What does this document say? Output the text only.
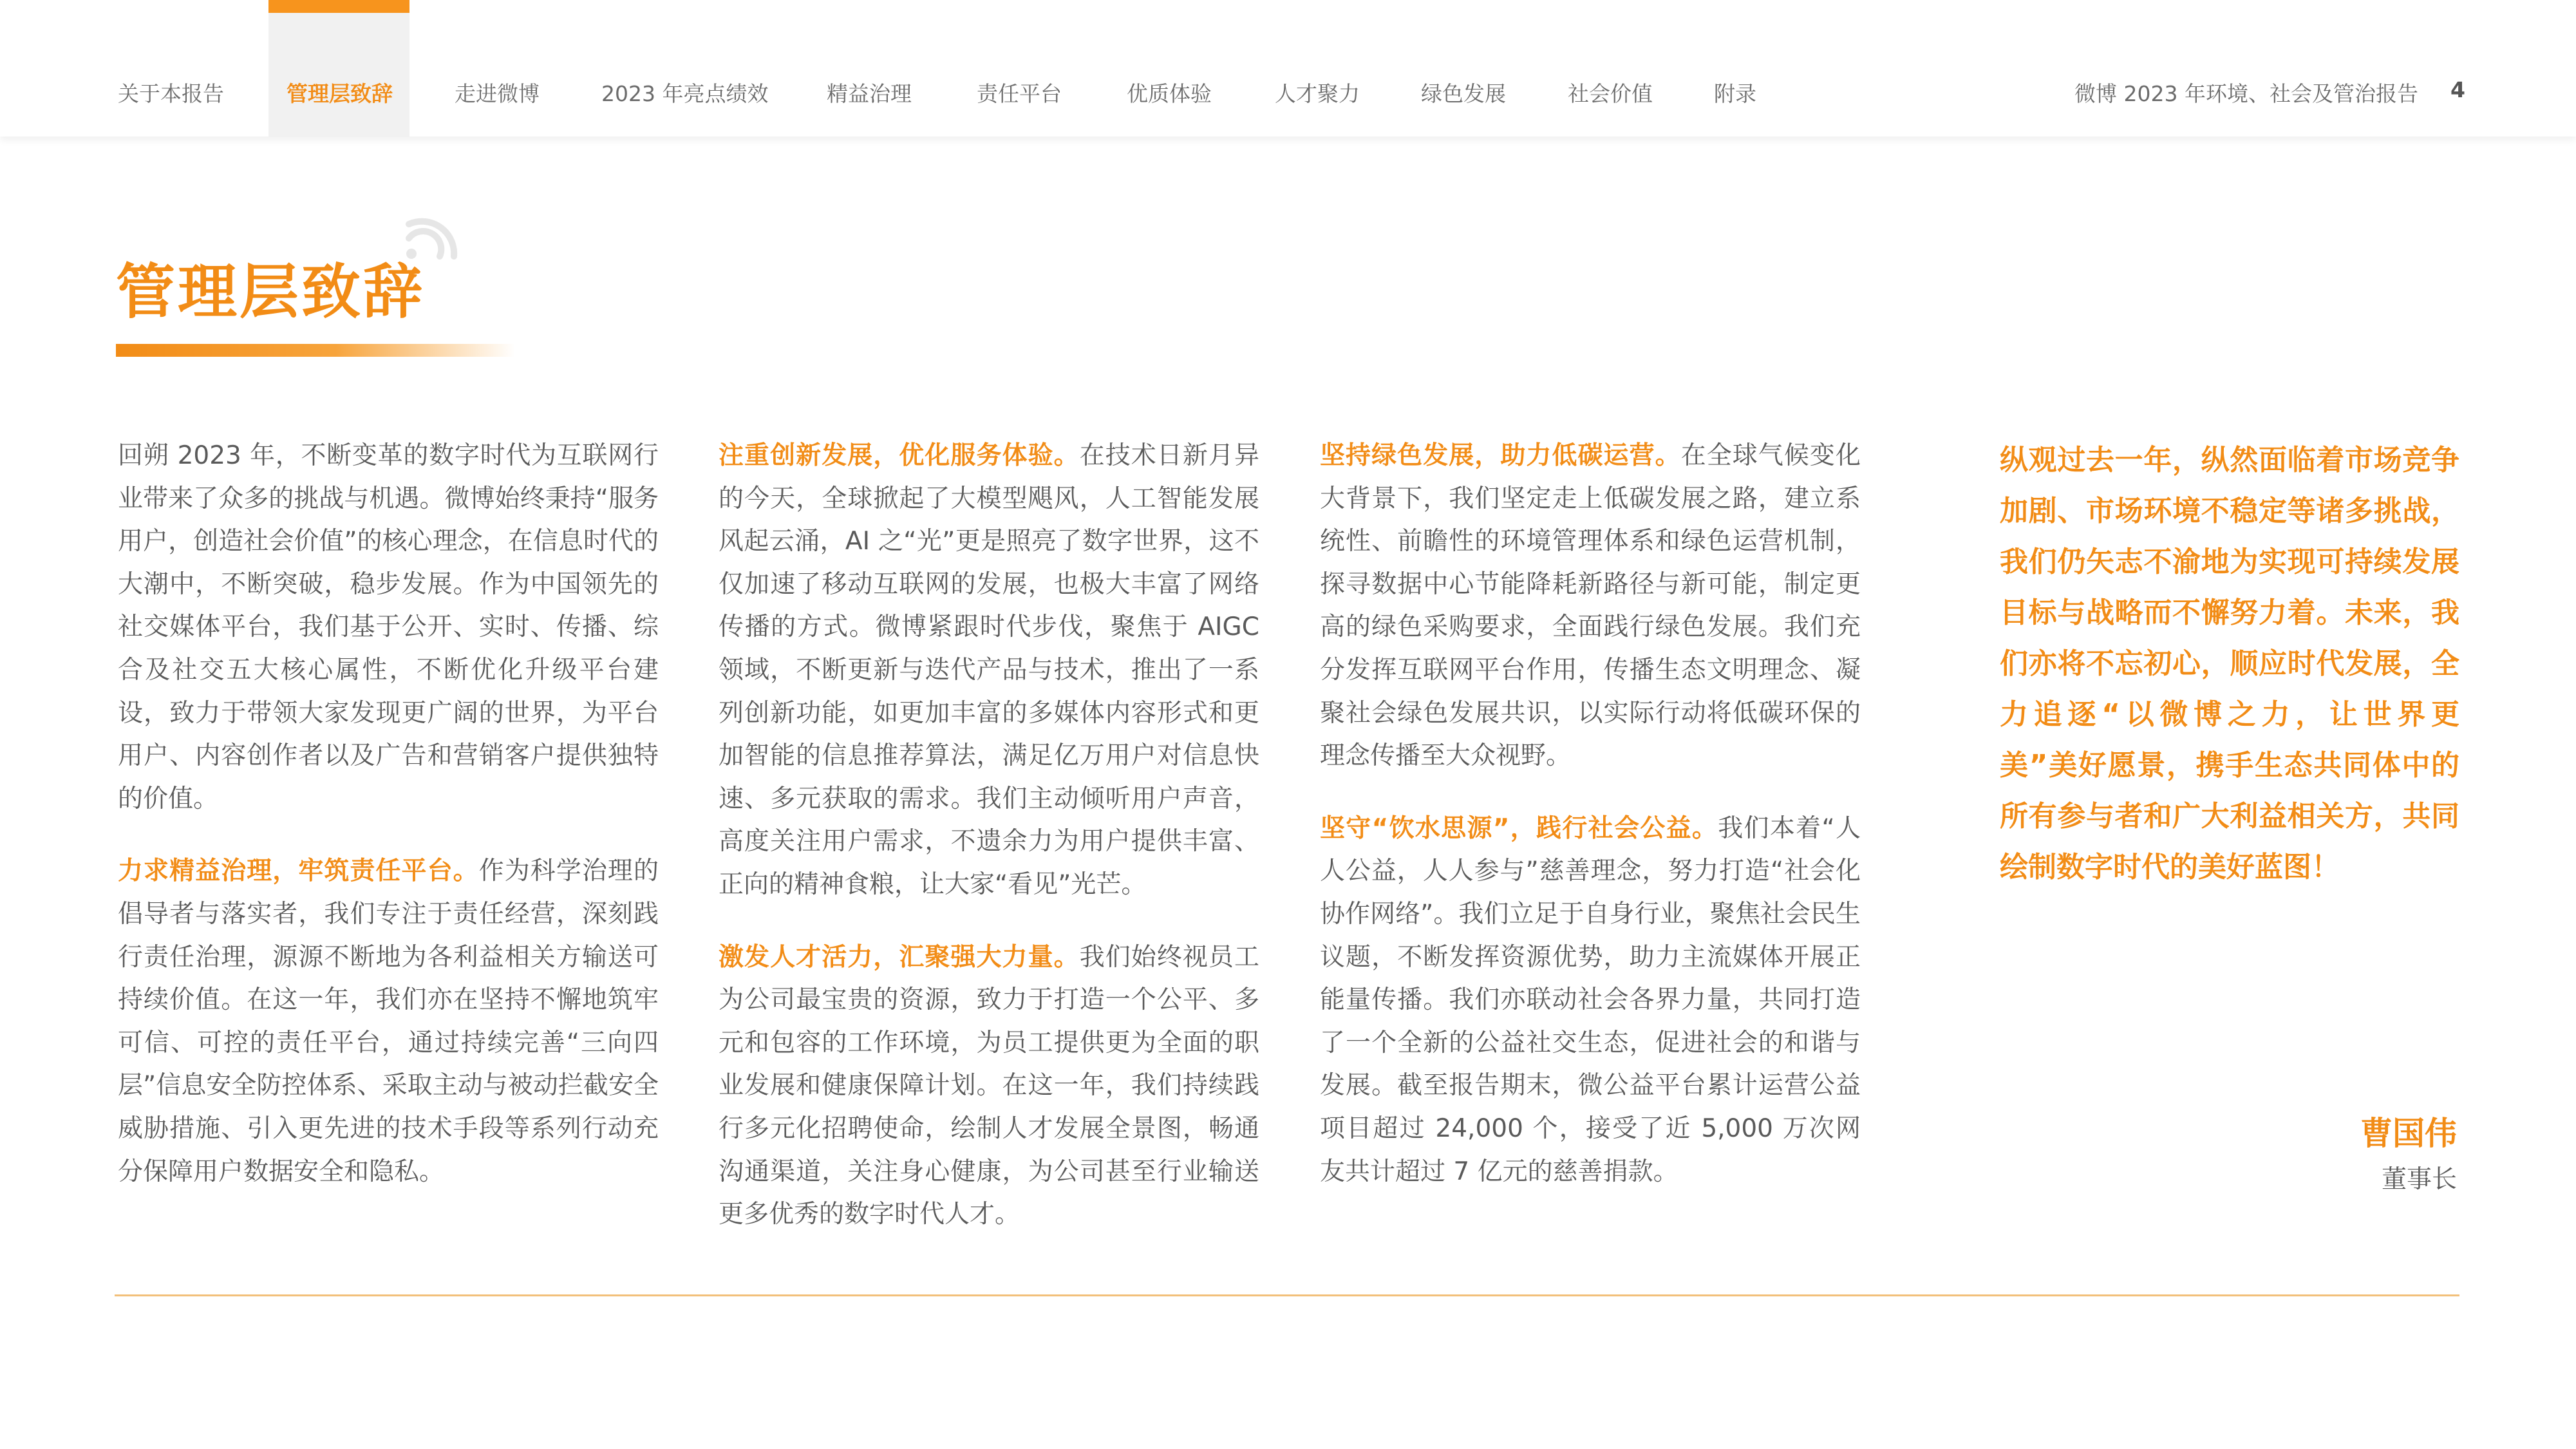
关于本报告	管理层致辞	走进微博	2023 年亮点绩效	精益治理	责任平台	优质体验	人才聚力	绿色发展	社会价值	附录	微博 2023 年环境、社会及管治报告 4
管理层致辞

回朔 2023 年，不断变革的数字时代为互联网行业带来了众多的挑战与机遇。微博始终秉持“服务用户，创造社会价值”的核心理念，在信息时代的大潮中，不断突破，稳步发展。作为中国领先的社交媒体平台，我们基于公开、实时、传播、综合及社交五大核心属性，不断优化升级平台建设，致力于带领大家发现更广阔的世界，为平台用户、内容创作者以及广告和营销客户提供独特的价值。

力求精益治理，牢筑责任平台。作为科学治理的倡导者与落实者，我们专注于责任经营，深刻践行责任治理，源源不断地为各利益相关方输送可持续价值。在这一年，我们亦在坚持不懈地筑牢可信、可控的责任平台，通过持续完善“三向四层”信息安全防控体系、采取主动与被动拦截安全威胁措施、引入更先进的技术手段等系列行动充分保障用户数据安全和隐私。

注重创新发展，优化服务体验。在技术日新月异的今天，全球掀起了大模型飓风，人工智能发展风起云涌，AI 之“光”更是照亮了数字世界，这不仅加速了移动互联网的发展，也极大丰富了网络传播的方式。微博紧跟时代步伐，聚焦于 AIGC 领域，不断更新与迭代产品与技术，推出了一系列创新功能，如更加丰富的多媒体内容形式和更加智能的信息推荐算法，满足亿万用户对信息快速、多元获取的需求。我们主动倾听用户声音，高度关注用户需求，不遗余力为用户提供丰富、正向的精神食粮，让大家“看见”光芒。

激发人才活力，汇聚强大力量。我们始终视员工为公司最宝贵的资源，致力于打造一个公平、多元和包容的工作环境，为员工提供更为全面的职业发展和健康保障计划。在这一年，我们持续践行多元化招聘使命，绘制人才发展全景图，畅通沟通渠道，关注身心健康，为公司甚至行业输送更多优秀的数字时代人才。

坚持绿色发展，助力低碳运营。在全球气候变化大背景下，我们坚定走上低碳发展之路，建立系统性、前瞻性的环境管理体系和绿色运营机制，探寻数据中心节能降耗新路径与新可能，制定更高的绿色采购要求，全面践行绿色发展。我们充分发挥互联网平台作用，传播生态文明理念、凝聚社会绿色发展共识，以实际行动将低碳环保的理念传播至大众视野。

坚守“饮水思源”，践行社会公益。我们本着“人人公益，人人参与”慈善理念，努力打造“社会化协作网络”。我们立足于自身行业，聚焦社会民生议题，不断发挥资源优势，助力主流媒体开展正能量传播。我们亦联动社会各界力量，共同打造了一个全新的公益社交生态，促进社会的和谐与发展。截至报告期末，微公益平台累计运营公益项目超过 24,000 个，接受了近 5,000 万次网友共计超过 7 亿元的慈善捐款。

纵观过去一年，纵然面临着市场竞争加剧、市场环境不稳定等诸多挑战，我们仍矢志不渝地为实现可持续发展目标与战略而不懈努力着。未来，我们亦将不忘初心，顺应时代发展，全力追逐“以微博之力，让世界更美”美好愿景，携手生态共同体中的所有参与者和广大利益相关方，共同绘制数字时代的美好蓝图！
曹国伟
董事长
